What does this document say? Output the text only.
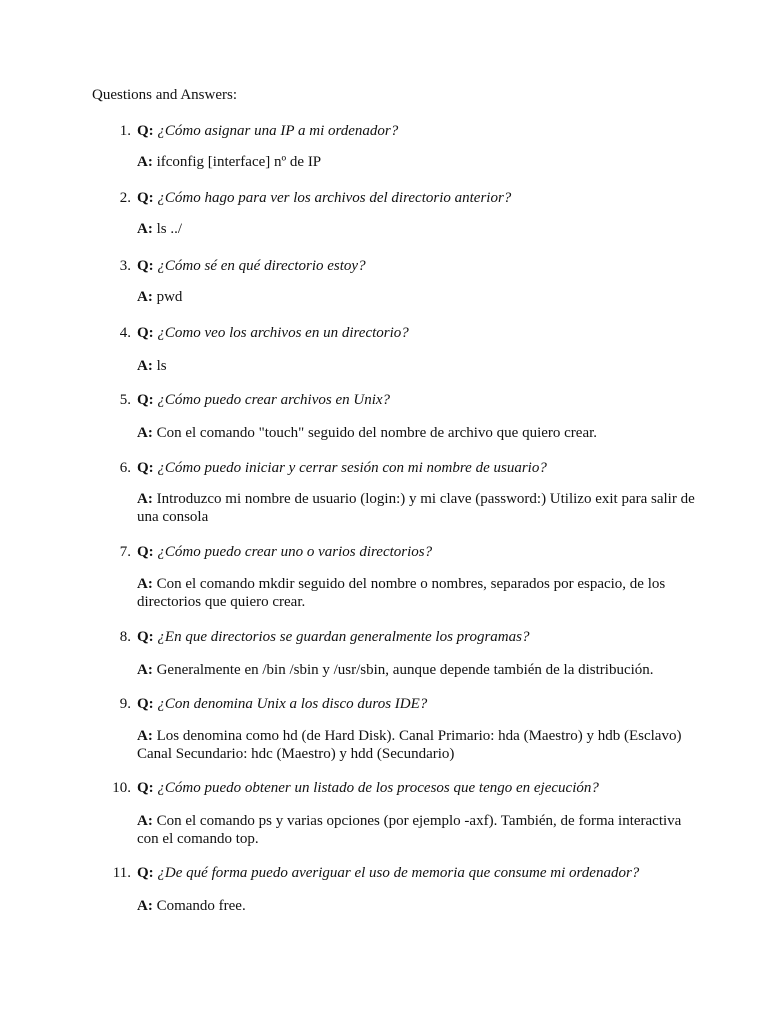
Questions and Answers:
1. Q: ¿Cómo asignar una IP a mi ordenador?
A: ifconfig [interface] nº de IP
2. Q: ¿Cómo hago para ver los archivos del directorio anterior?
A: ls ../
3. Q: ¿Cómo sé en qué directorio estoy?
A: pwd
4. Q: ¿Como veo los archivos en un directorio?
A: ls
5. Q: ¿Cómo puedo crear archivos en Unix?
A: Con el comando "touch" seguido del nombre de archivo que quiero crear.
6. Q: ¿Cómo puedo iniciar y cerrar sesión con mi nombre de usuario?
A: Introduzco mi nombre de usuario (login:) y mi clave (password:) Utilizo exit para salir de una consola
7. Q: ¿Cómo puedo crear uno o varios directorios?
A: Con el comando mkdir seguido del nombre o nombres, separados por espacio, de los directorios que quiero crear.
8. Q: ¿En que directorios se guardan generalmente los programas?
A: Generalmente en /bin /sbin y /usr/sbin, aunque depende también de la distribución.
9. Q: ¿Con denomina Unix a los disco duros IDE?
A: Los denomina como hd (de Hard Disk). Canal Primario: hda (Maestro) y hdb (Esclavo) Canal Secundario: hdc (Maestro) y hdd (Secundario)
10. Q: ¿Cómo puedo obtener un listado de los procesos que tengo en ejecución?
A: Con el comando ps y varias opciones (por ejemplo -axf). También, de forma interactiva con el comando top.
11. Q: ¿De qué forma puedo averiguar el uso de memoria que consume mi ordenador?
A: Comando free.
